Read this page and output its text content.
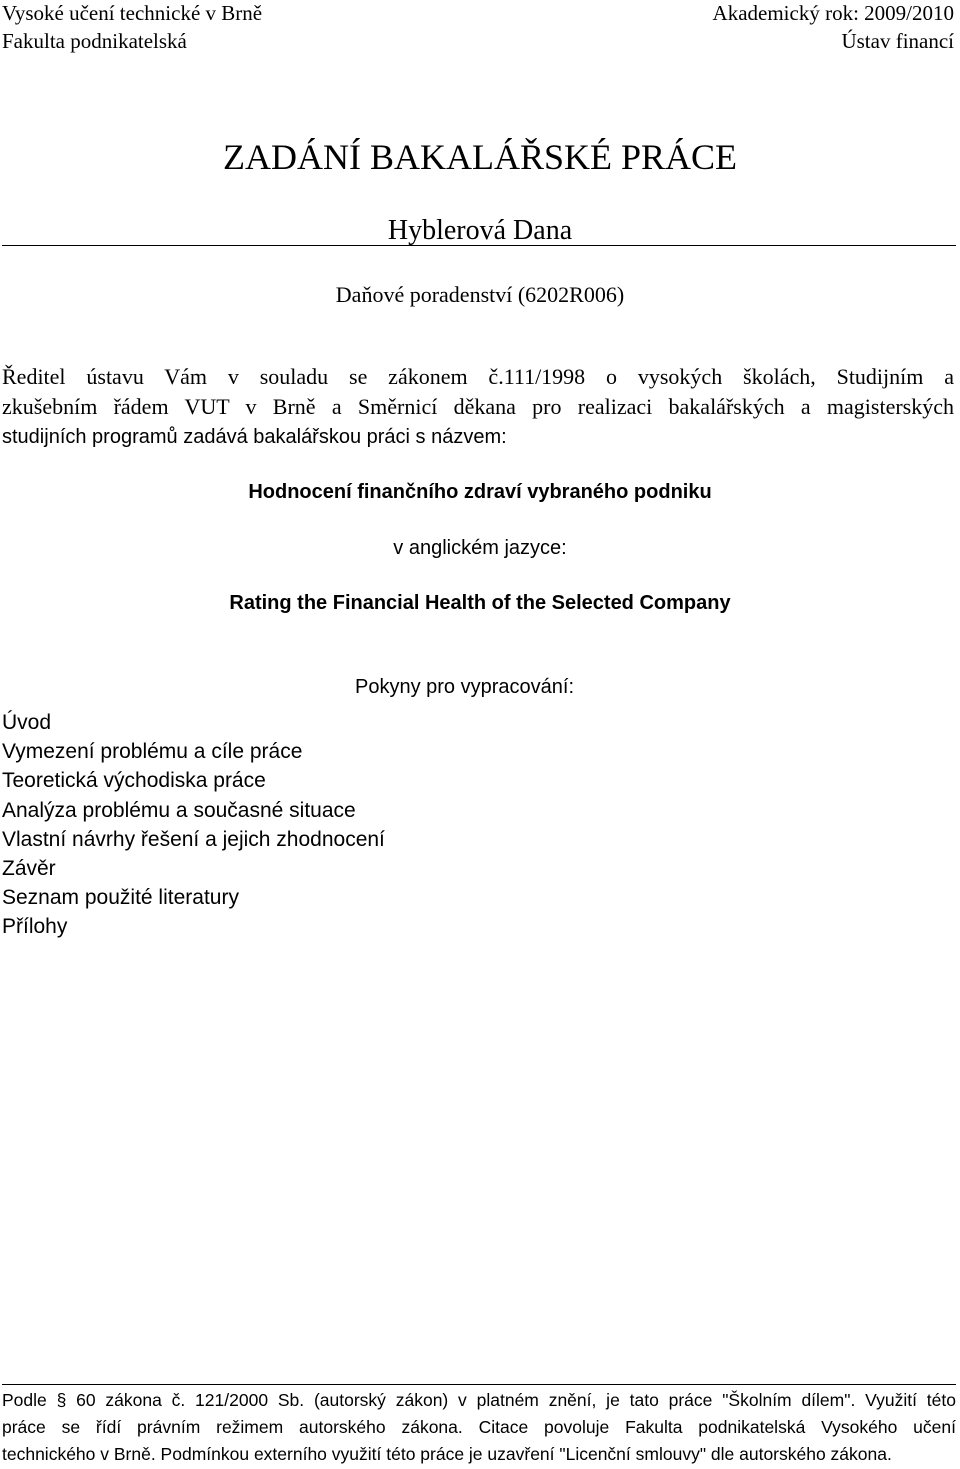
Vysoké učení technické v Brně
Fakulta podnikatelská
Akademický rok: 2009/2010
Ústav financí
ZADÁNÍ BAKALÁŘSKÉ PRÁCE
Hyblerová Dana
Daňové poradenství (6202R006)
Ředitel ústavu Vám v souladu se zákonem č.111/1998 o vysokých školách, Studijním a
zkušebním řádem VUT v Brně a Směrnicí děkana pro realizaci bakalářských a magisterských
studijních programů zadává bakalářskou práci s názvem:
Hodnocení finančního zdraví vybraného podniku
v anglickém jazyce:
Rating the Financial Health of the Selected Company
Pokyny pro vypracování:
Úvod
Vymezení problému a cíle práce
Teoretická východiska práce
Analýza problému a současné situace
Vlastní návrhy řešení a jejich zhodnocení
Závěr
Seznam použité literatury
Přílohy
Podle § 60 zákona č. 121/2000 Sb. (autorský zákon) v platném znění, je tato práce "Školním dílem". Využití této
práce se řídí právním režimem autorského zákona. Citace povoluje Fakulta podnikatelská Vysokého učení
technického v Brně. Podmínkou externího využití této práce je uzavření "Licenční smlouvy" dle autorského zákona.
